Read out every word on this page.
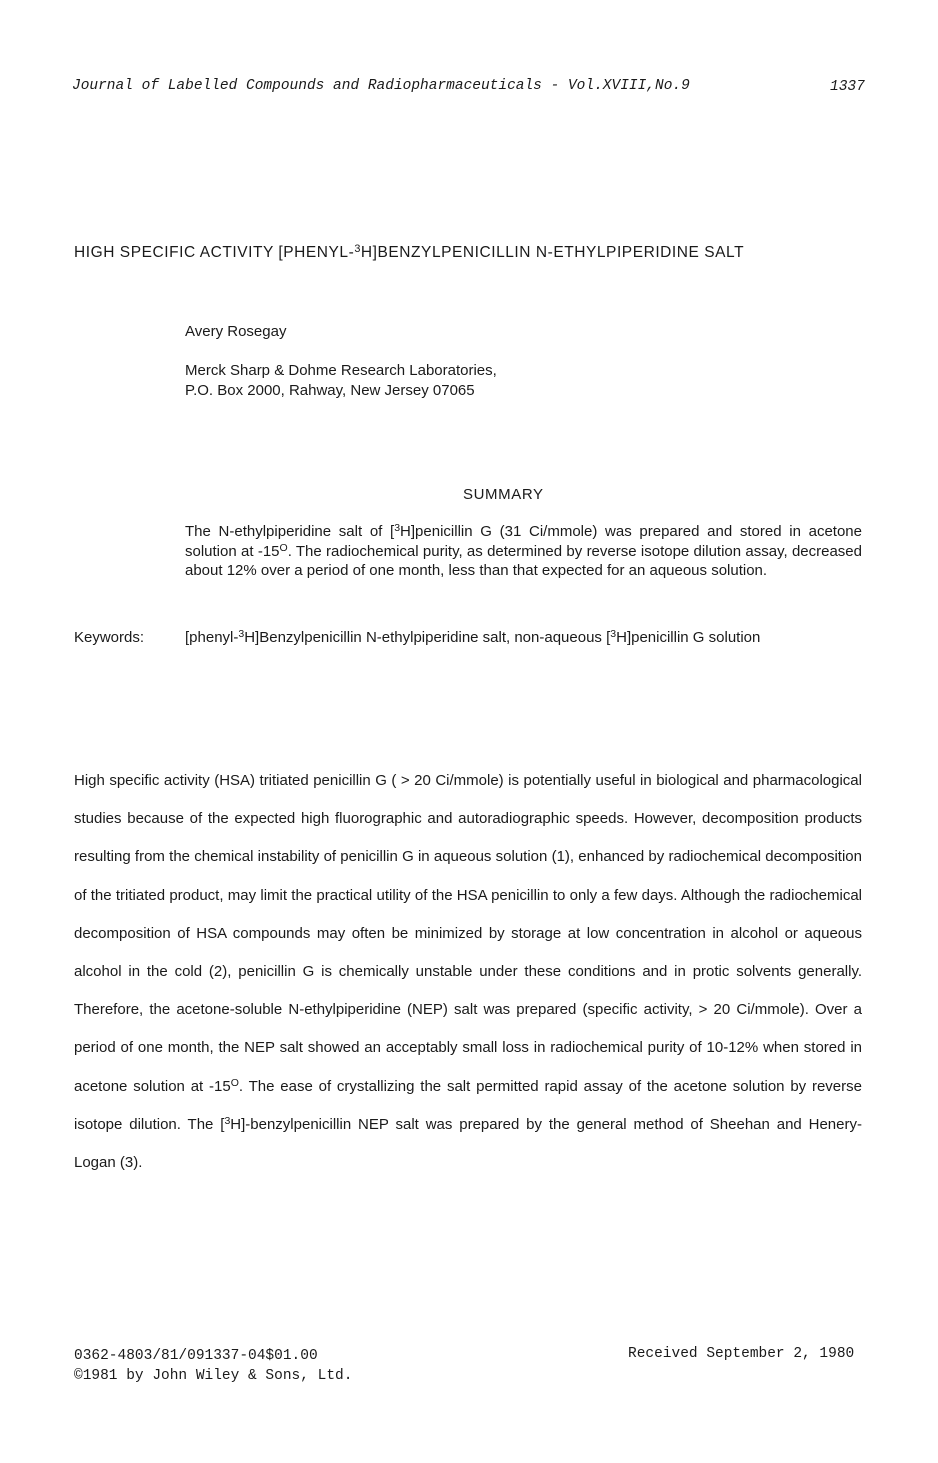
Journal of Labelled Compounds and Radiopharmaceuticals - Vol.XVIII,No.9	1337
HIGH SPECIFIC ACTIVITY [PHENYL-$^3$H]BENZYLPENICILLIN N-ETHYLPIPERIDINE SALT
Avery Rosegay
Merck Sharp & Dohme Research Laboratories,
P.O. Box 2000, Rahway, New Jersey 07065
SUMMARY
The N-ethylpiperidine salt of [$^3$H]penicillin G (31 Ci/mmole) was prepared and stored in acetone solution at $-15^O$. The radiochemical purity, as determined by reverse isotope dilution assay, decreased about 12% over a period of one month, less than that expected for an aqueous solution.
Keywords:	[phenyl-$^3$H]Benzylpenicillin N-ethylpiperidine salt, non-aqueous [$^3$H]penicillin G solution
High specific activity (HSA) tritiated penicillin G ( > 20 Ci/mmole) is potentially useful in biological and pharmacological studies because of the expected high fluorographic and autoradiographic speeds. However, decomposition products resulting from the chemical instability of penicillin G in aqueous solution (1), enhanced by radiochemical decomposition of the tritiated product, may limit the practical utility of the HSA penicillin to only a few days. Although the radiochemical decomposition of HSA compounds may often be minimized by storage at low concentration in alcohol or aqueous alcohol in the cold (2), penicillin G is chemically unstable under these conditions and in protic solvents generally. Therefore, the acetone-soluble N-ethylpiperidine (NEP) salt was prepared (specific activity, > 20 Ci/mmole). Over a period of one month, the NEP salt showed an acceptably small loss in radiochemical purity of 10-12% when stored in acetone solution at $-15^O$. The ease of crystallizing the salt permitted rapid assay of the acetone solution by reverse isotope dilution. The [$^3$H]-benzylpenicillin NEP salt was prepared by the general method of Sheehan and Henery-Logan (3).
0362-4803/81/091337-04$01.00
©1981 by John Wiley & Sons, Ltd.
Received September 2, 1980
